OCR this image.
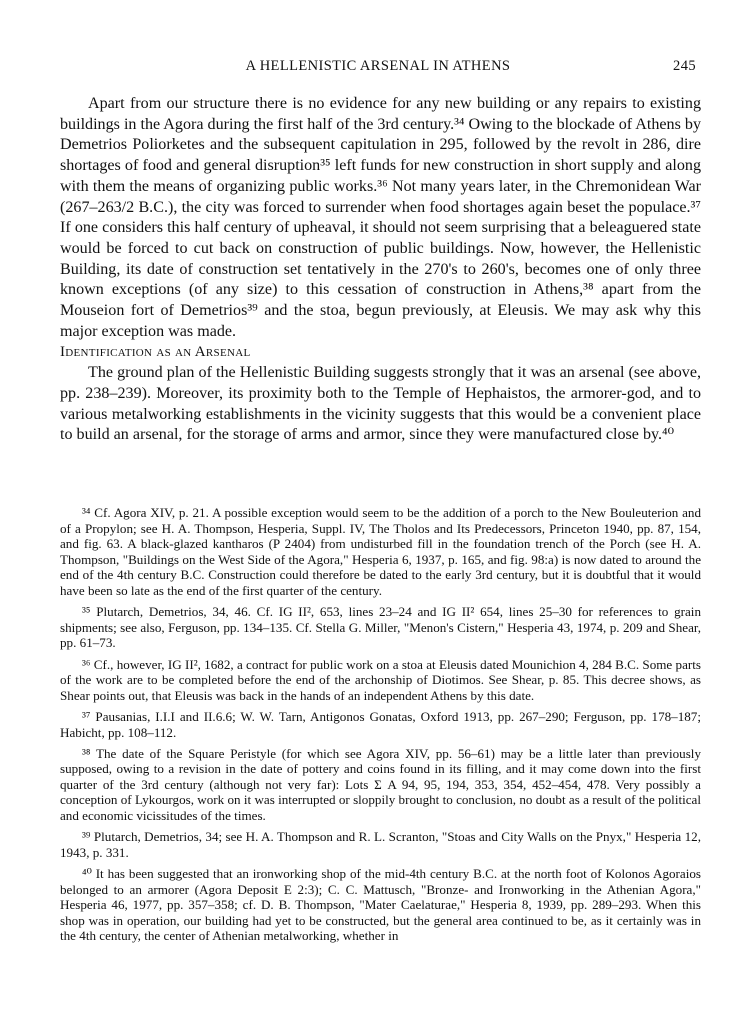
A HELLENISTIC ARSENAL IN ATHENS	245

Apart from our structure there is no evidence for any new building or any repairs to existing buildings in the Agora during the first half of the 3rd century.³⁴ Owing to the blockade of Athens by Demetrios Poliorketes and the subsequent capitulation in 295, followed by the revolt in 286, dire shortages of food and general disruption³⁵ left funds for new construction in short supply and along with them the means of organizing public works.³⁶ Not many years later, in the Chremonidean War (267–263/2 B.C.), the city was forced to surrender when food shortages again beset the populace.³⁷ If one considers this half century of upheaval, it should not seem surprising that a beleaguered state would be forced to cut back on construction of public buildings. Now, however, the Hellenistic Building, its date of construction set tentatively in the 270's to 260's, becomes one of only three known exceptions (of any size) to this cessation of construction in Athens,³⁸ apart from the Mouseion fort of Demetrios³⁹ and the stoa, begun previously, at Eleusis. We may ask why this major exception was made.

Identification as an Arsenal

The ground plan of the Hellenistic Building suggests strongly that it was an arsenal (see above, pp. 238–239). Moreover, its proximity both to the Temple of Hephaistos, the armorer-god, and to various metalworking establishments in the vicinity suggests that this would be a convenient place to build an arsenal, for the storage of arms and armor, since they were manufactured close by.⁴⁰

³⁴ Cf. Agora XIV, p. 21. A possible exception would seem to be the addition of a porch to the New Bouleuterion and of a Propylon; see H. A. Thompson, Hesperia, Suppl. IV, The Tholos and Its Predecessors, Princeton 1940, pp. 87, 154, and fig. 63. A black-glazed kantharos (P 2404) from undisturbed fill in the foundation trench of the Porch (see H. A. Thompson, "Buildings on the West Side of the Agora," Hesperia 6, 1937, p. 165, and fig. 98:a) is now dated to around the end of the 4th century B.C. Construction could therefore be dated to the early 3rd century, but it is doubtful that it would have been so late as the end of the first quarter of the century.

³⁵ Plutarch, Demetrios, 34, 46. Cf. IG II², 653, lines 23–24 and IG II² 654, lines 25–30 for references to grain shipments; see also, Ferguson, pp. 134–135. Cf. Stella G. Miller, "Menon's Cistern," Hesperia 43, 1974, p. 209 and Shear, pp. 61–73.

³⁶ Cf., however, IG II², 1682, a contract for public work on a stoa at Eleusis dated Mounichion 4, 284 B.C. Some parts of the work are to be completed before the end of the archonship of Diotimos. See Shear, p. 85. This decree shows, as Shear points out, that Eleusis was back in the hands of an independent Athens by this date.

³⁷ Pausanias, I.I.I and II.6.6; W. W. Tarn, Antigonos Gonatas, Oxford 1913, pp. 267–290; Ferguson, pp. 178–187; Habicht, pp. 108–112.

³⁸ The date of the Square Peristyle (for which see Agora XIV, pp. 56–61) may be a little later than previously supposed, owing to a revision in the date of pottery and coins found in its filling, and it may come down into the first quarter of the 3rd century (although not very far): Lots Σ A 94, 95, 194, 353, 354, 452–454, 478. Very possibly a conception of Lykourgos, work on it was interrupted or sloppily brought to conclusion, no doubt as a result of the political and economic vicissitudes of the times.

³⁹ Plutarch, Demetrios, 34; see H. A. Thompson and R. L. Scranton, "Stoas and City Walls on the Pnyx," Hesperia 12, 1943, p. 331.

⁴⁰ It has been suggested that an ironworking shop of the mid-4th century B.C. at the north foot of Kolonos Agoraios belonged to an armorer (Agora Deposit E 2:3); C. C. Mattusch, "Bronze- and Ironworking in the Athenian Agora," Hesperia 46, 1977, pp. 357–358; cf. D. B. Thompson, "Mater Caelaturae," Hesperia 8, 1939, pp. 289–293. When this shop was in operation, our building had yet to be constructed, but the general area continued to be, as it certainly was in the 4th century, the center of Athenian metalworking, whether in
